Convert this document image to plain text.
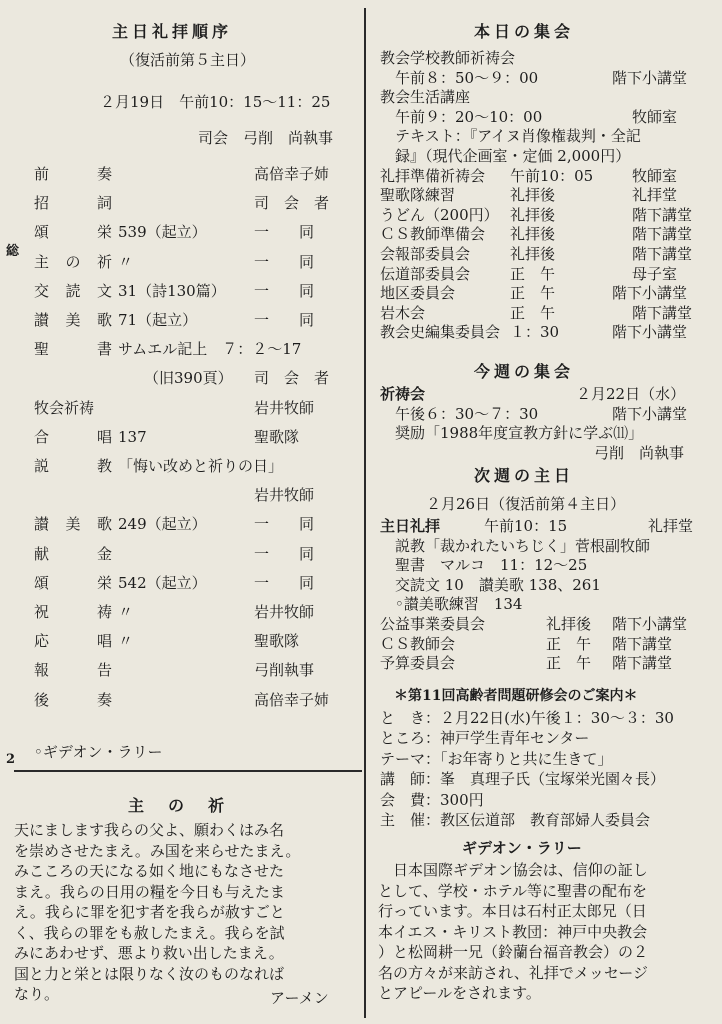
主日礼拝順序
（復活前第５主日）
２月19日　午前10：15～11：25
司会　弓削　尚執事
前	奏	高倍幸子姉
招	詞	司　会　者
頌	栄 539（起立）	一　　同
主 の 祈 〃	一　　同
交 読 文 31（詩130篇） 一　　同
讃 美 歌 71（起立）	一　　同
聖	書 サムエル記上　７：２～17
（旧390頁） 司　会　者
牧会祈祷	岩井牧師
合	唱 137	聖歌隊
説	教 「悔い改めと祈りの日」
岩井牧師
讃 美 歌 249（起立）	一　　同
献	金	一　　同
頌	栄 542（起立）	一　　同
祝	祷 〃	岩井牧師
応	唱 〃	聖歌隊
報	告	弓削執事
後	奏	高倍幸子姉
◦ギデオン・ラリー
総
2
主　の　祈
天にまします我らの父よ、願わくはみ名
を崇めさせたまえ。み国を来らせたまえ。
みこころの天になる如く地にもなさせた
まえ。我らの日用の糧を今日も与えたま
え。我らに罪を犯す者を我らが赦すごと
く、我らの罪をも赦したまえ。我らを試
みにあわせず、悪より救い出したまえ。
国と力と栄とは限りなく汝のものなれば
なり。	アーメン
本日の集会
教会学校教師祈祷会
　午前８：50～９：00	階下小講堂
教会生活講座
　午前９：20～10：00	牧師室
　テキスト：『アイヌ肖像権裁判・全記
　録』（現代企画室・定価 2,000円）
礼拝準備祈祷会 午前10：05	牧師室
聖歌隊練習	礼拝後	礼拝堂
うどん（200円） 礼拝後	階下講堂
ＣＳ教師準備会 礼拝後	階下講堂
会報部委員会	礼拝後	階下講堂
伝道部委員会	正　午	母子室
地区委員会	正　午	階下小講堂
岩木会	正　午	階下講堂
教会史編集委員会 １：30	階下小講堂
今週の集会
祈祷会	２月22日（水）
　午後６：30～７：30	階下小講堂
　奨励「1988年度宣教方針に学ぶ⑾」
弓削　尚執事
次週の主日
２月26日（復活前第４主日）
主日礼拝	午前10：15	礼拝堂
　説教「裁かれたいちじく」菅根副牧師
　聖書　マルコ　11：12～25
　交読文 10　讃美歌 138、261
　◦讃美歌練習　134
公益事業委員会	礼拝後 階下小講堂
ＣＳ教師会	正　午 階下講堂
予算委員会	正　午 階下講堂
＊第11回高齢者問題研修会のご案内＊
と　き：２月22日(水)午後１：30～３：30
ところ：神戸学生青年センター
テーマ：「お年寄りと共に生きて」
講　師：峯　真理子氏（宝塚栄光園々長）
会　費：300円
主　催：教区伝道部　教育部婦人委員会
ギデオン・ラリー
　日本国際ギデオン協会は、信仰の証し
として、学校・ホテル等に聖書の配布を
行っています。本日は石村正太郎兄（日
本イエス・キリスト教団：神戸中央教会
）と松岡耕一兄（鈴蘭台福音教会）の２
名の方々が来訪され、礼拝でメッセージ
とアピールをされます。
